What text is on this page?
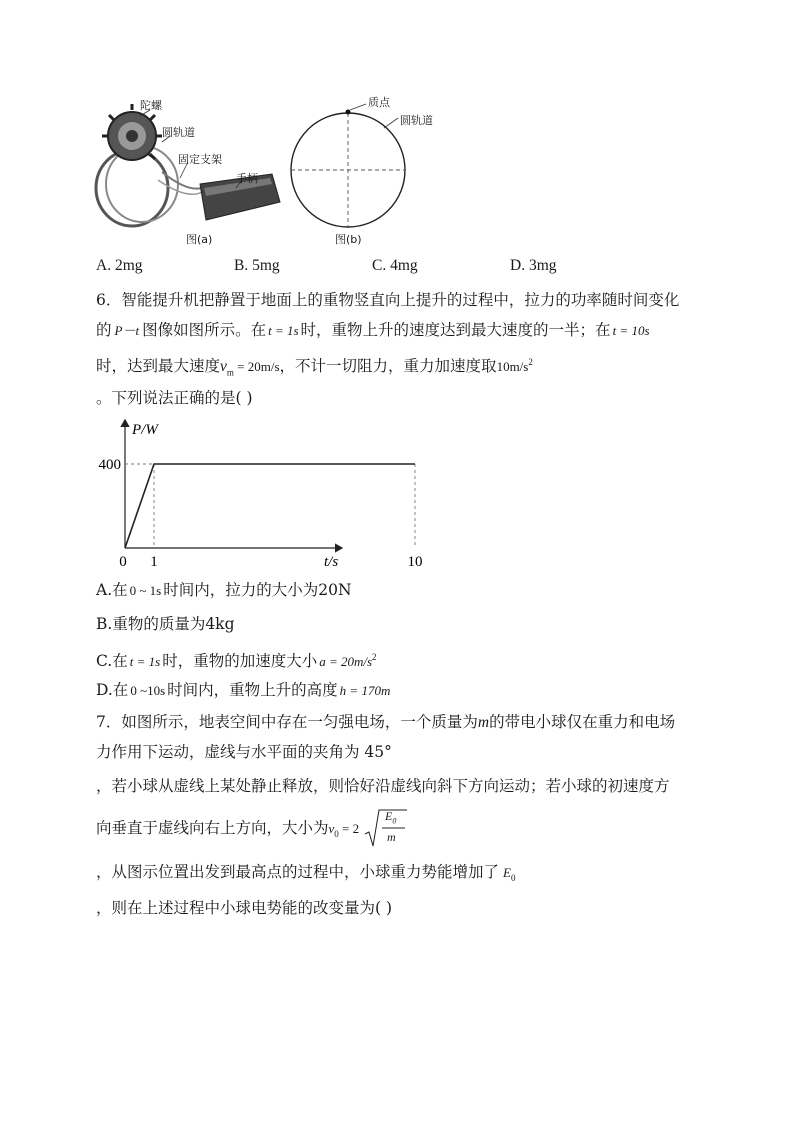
陀螺
圆轨道
固定支架
手柄
图(a)
质点
圆轨道
图(b)
A. 2mg	B. 5mg	C. 4mg	D. 3mg
6．智能提升机把静置于地面上的重物竖直向上提升的过程中，拉力的功率随时间变化
的 P－t 图像如图所示。在 t = 1s 时，重物上升的速度达到最大速度的一半；在 t = 10s
时，达到最大速度$v_m = 20m/s$，不计一切阻力，重力加速度取$10m/s^2$
。下列说法正确的是( )
P/W
t/s
400
0 1	10
A.在 0 ~ 1s 时间内，拉力的大小为20N
B.重物的质量为4kg
C.在 t = 1s 时，重物的加速度大小 $a = 20m/s^2$
D.在 0 ~10s 时间内，重物上升的高度 h = 170m
7．如图所示，地表空间中存在一匀强电场，一个质量为m的带电小球仅在重力和电场
力作用下运动，虚线与水平面的夹角为 45°
，若小球从虚线上某处静止释放，则恰好沿虚线向斜下方向运动；若小球的初速度方
向垂直于虚线向右上方向，大小为$v_0 = 2$
$E_0$
m
，从图示位置出发到最高点的过程中，小球重力势能增加了 $E_0$
，则在上述过程中小球电势能的改变量为( )
